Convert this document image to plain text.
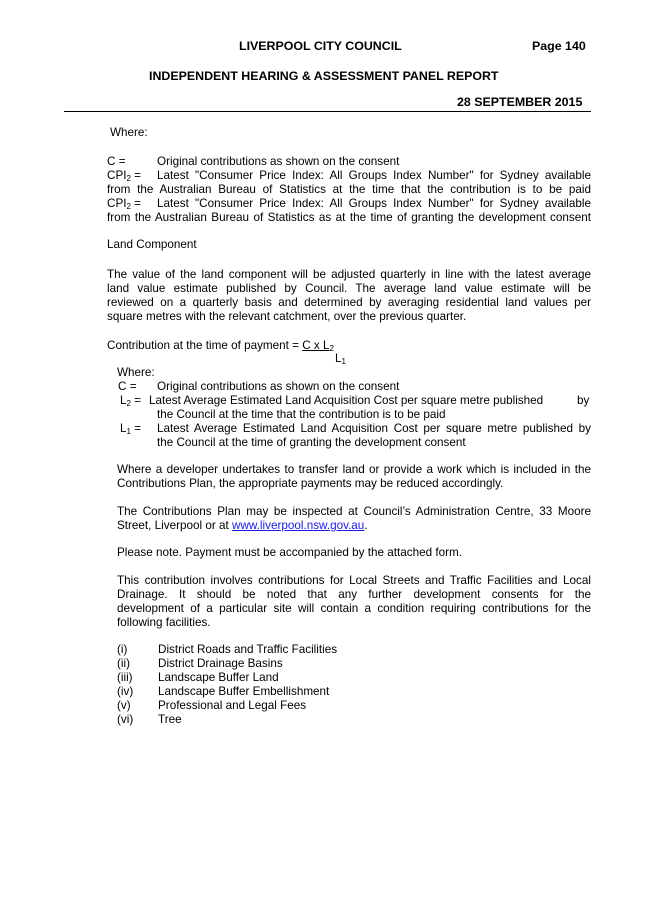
LIVERPOOL CITY COUNCIL	Page 140
INDEPENDENT HEARING & ASSESSMENT PANEL REPORT
28 SEPTEMBER 2015
Where:
C =	Original contributions as shown on the consent
$CPI_2$ = Latest "Consumer Price Index: All Groups Index Number" for Sydney available
from the Australian Bureau of Statistics at the time that the contribution is to be paid
$CPI_2$ = Latest "Consumer Price Index: All Groups Index Number" for Sydney available
from the Australian Bureau of Statistics as at the time of granting the development consent
Land Component
The value of the land component will be adjusted quarterly in line with the latest average
land value estimate published by Council. The average land value estimate will be
reviewed on a quarterly basis and determined by averaging residential land values per
square metres with the relevant catchment, over the previous quarter.
Contribution at the time of payment = C x $L_2$
$L_1$
Where:
C = Original contributions as shown on the consent
$L_2$ = Latest Average Estimated Land Acquisition Cost per square metre published	by
the Council at the time that the contribution is to be paid
$L_1$ = Latest Average Estimated Land Acquisition Cost per square metre published by
the Council at the time of granting the development consent
Where a developer undertakes to transfer land or provide a work which is included in the
Contributions Plan, the appropriate payments may be reduced accordingly.
The Contributions Plan may be inspected at Council’s Administration Centre, 33 Moore
Street, Liverpool or at www.liverpool.nsw.gov.au.
Please note. Payment must be accompanied by the attached form.
This contribution involves contributions for Local Streets and Traffic Facilities and Local
Drainage. It should be noted that any further development consents for the
development of a particular site will contain a condition requiring contributions for the
following facilities.
(i)	District Roads and Traffic Facilities
(ii) District Drainage Basins
(iii) Landscape Buffer Land
(iv) Landscape Buffer Embellishment
(v) Professional and Legal Fees
(vi) Tree
